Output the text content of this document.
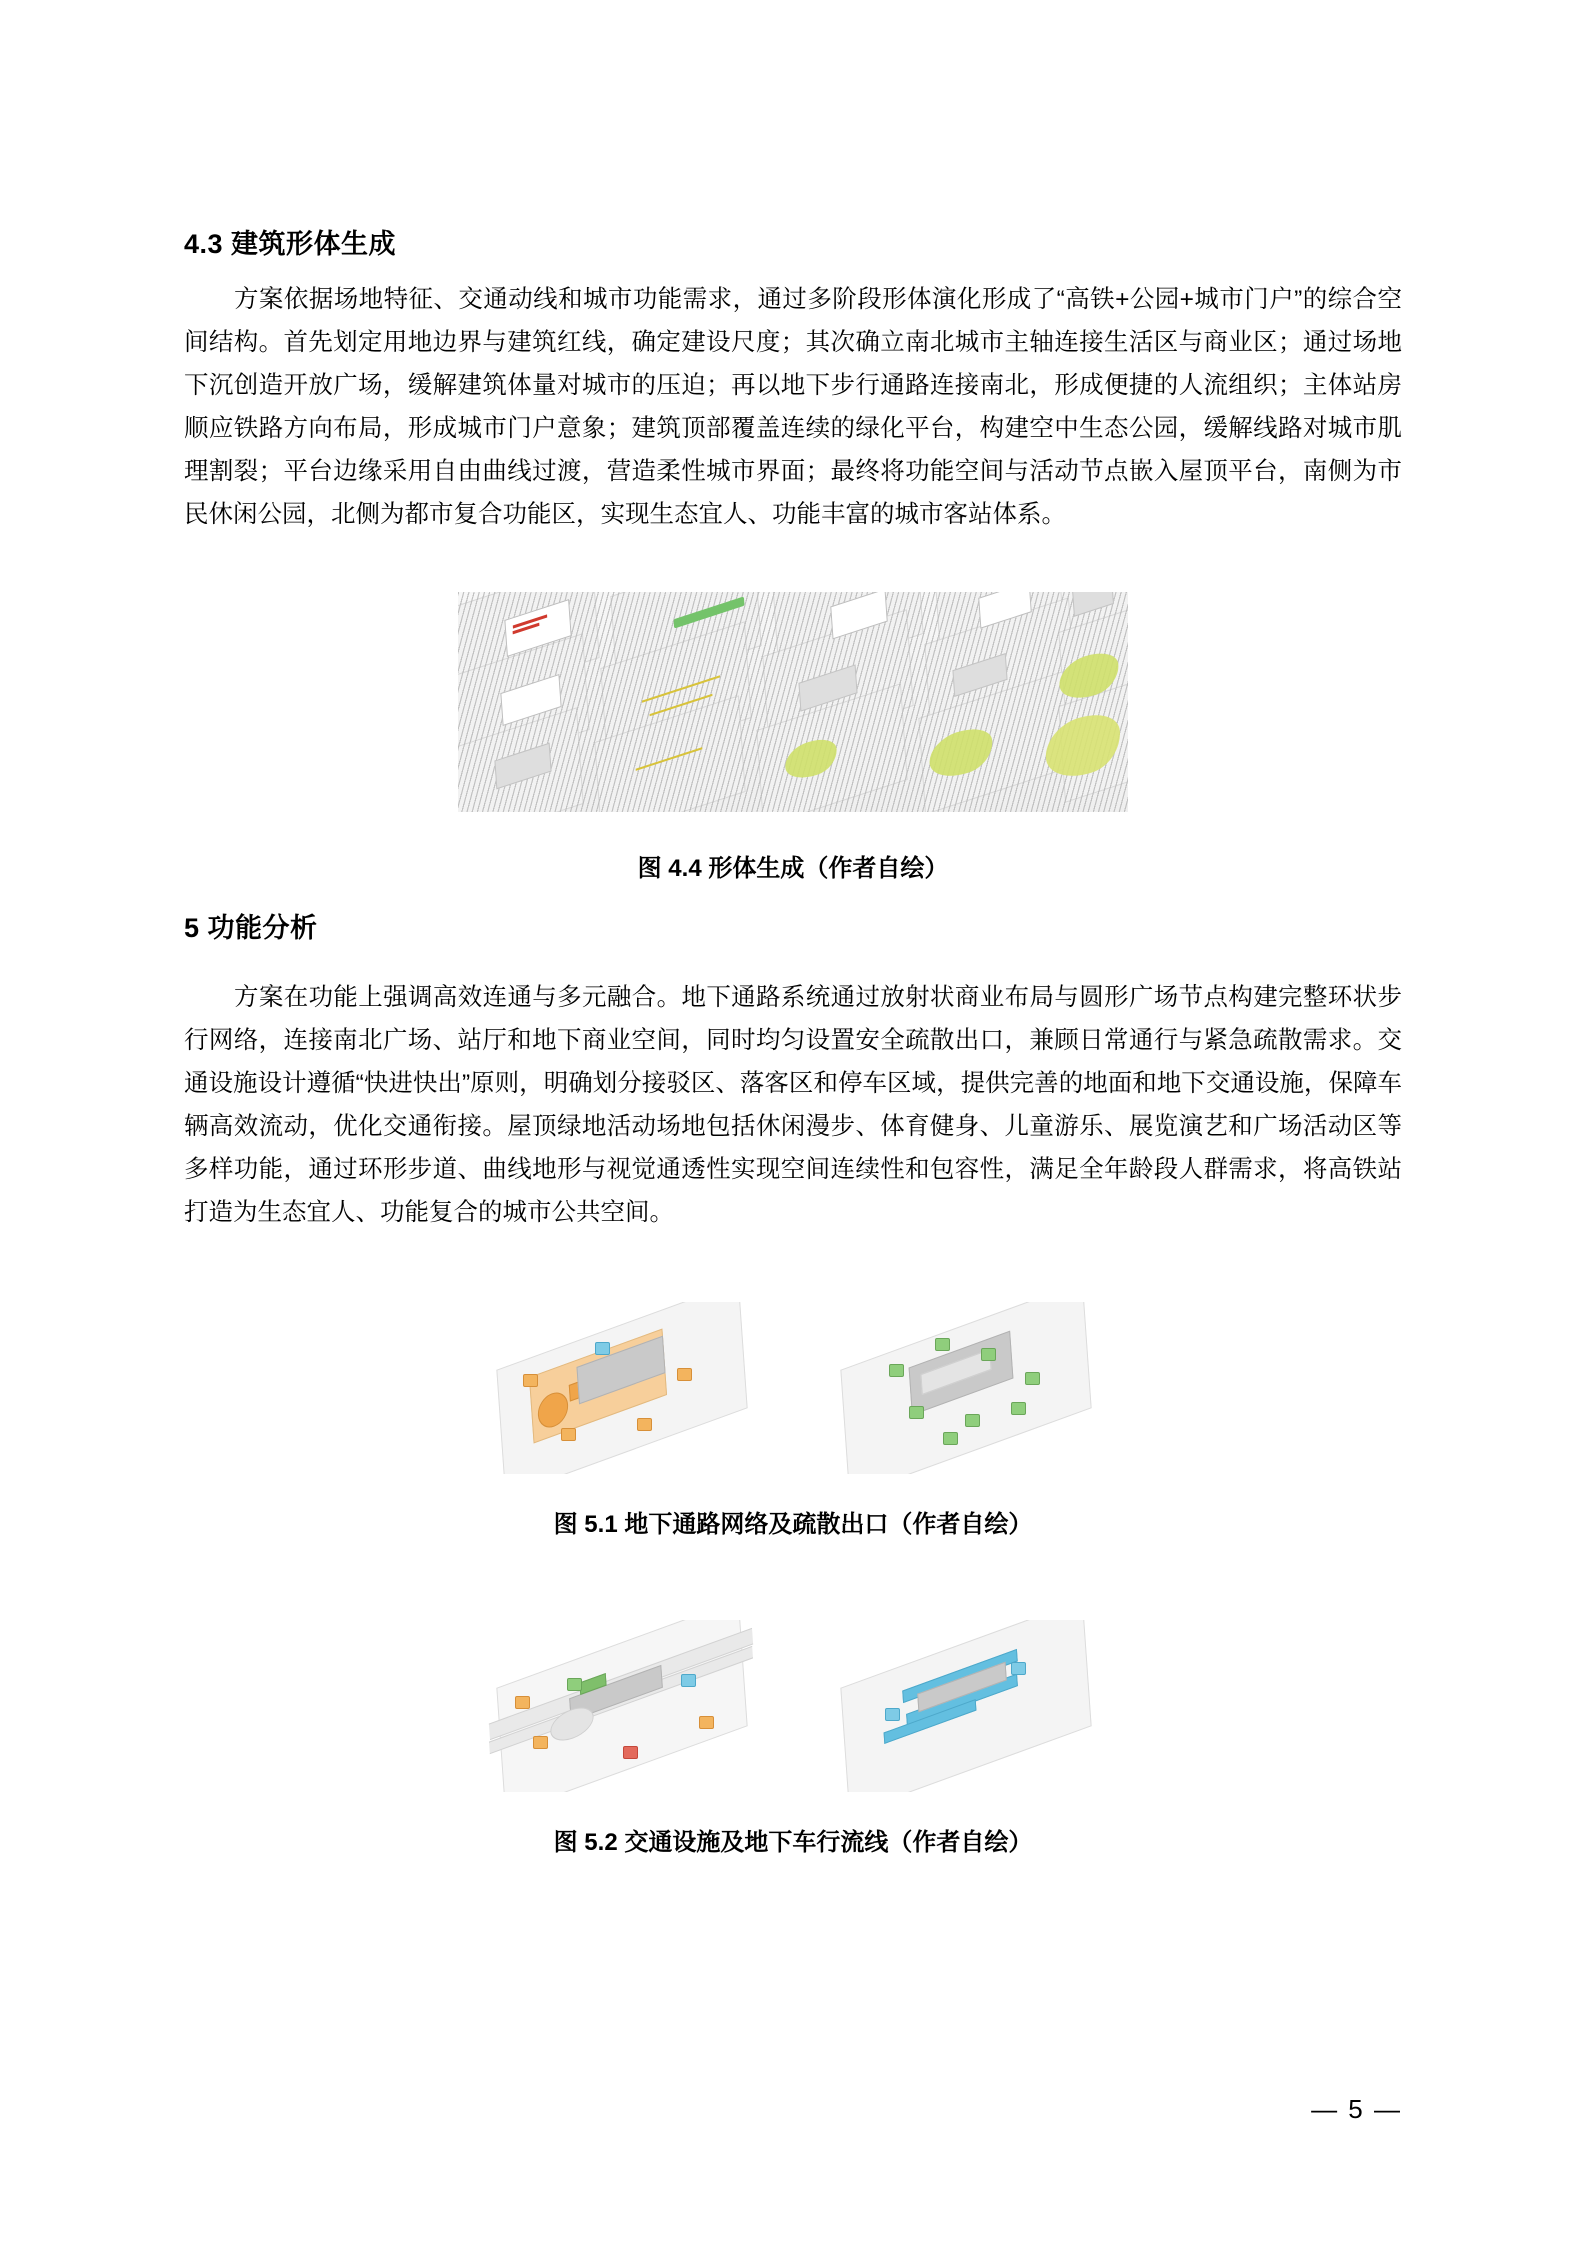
4.3 建筑形体生成

方案依据场地特征、交通动线和城市功能需求，通过多阶段形体演化形成了“高铁+公园+城市门户”的综合空间结构。首先划定用地边界与建筑红线，确定建设尺度；其次确立南北城市主轴连接生活区与商业区；通过场地下沉创造开放广场，缓解建筑体量对城市的压迫；再以地下步行通路连接南北，形成便捷的人流组织；主体站房顺应铁路方向布局，形成城市门户意象；建筑顶部覆盖连续的绿化平台，构建空中生态公园，缓解线路对城市肌理割裂；平台边缘采用自由曲线过渡，营造柔性城市界面；最终将功能空间与活动节点嵌入屋顶平台，南侧为市民休闲公园，北侧为都市复合功能区，实现生态宜人、功能丰富的城市客站体系。

图 4.4 形体生成（作者自绘）
5 功能分析

方案在功能上强调高效连通与多元融合。地下通路系统通过放射状商业布局与圆形广场节点构建完整环状步行网络，连接南北广场、站厅和地下商业空间，同时均匀设置安全疏散出口，兼顾日常通行与紧急疏散需求。交通设施设计遵循“快进快出”原则，明确划分接驳区、落客区和停车区域，提供完善的地面和地下交通设施，保障车辆高效流动，优化交通衔接。屋顶绿地活动场地包括休闲漫步、体育健身、儿童游乐、展览演艺和广场活动区等多样功能，通过环形步道、曲线地形与视觉通透性实现空间连续性和包容性，满足全年龄段人群需求，将高铁站打造为生态宜人、功能复合的城市公共空间。

图 5.1 地下通路网络及疏散出口（作者自绘）
图 5.2 交通设施及地下车行流线（作者自绘）
— 5 —
